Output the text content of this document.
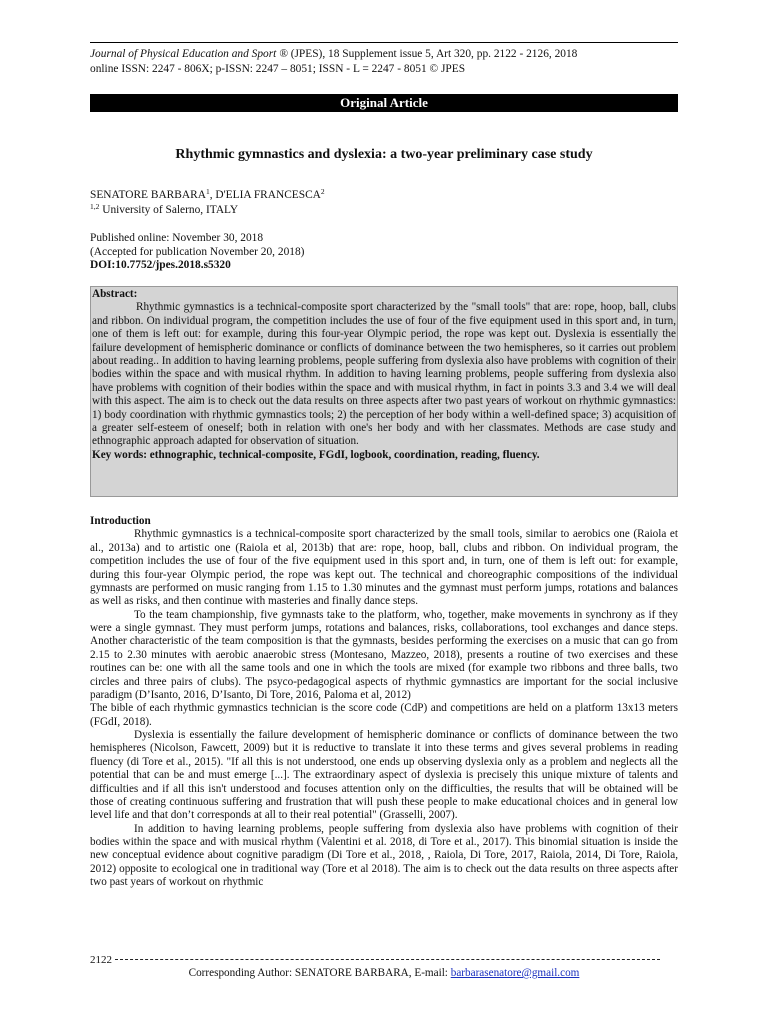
Journal of Physical Education and Sport ® (JPES), 18 Supplement issue 5, Art 320, pp. 2122 - 2126, 2018
online ISSN: 2247 - 806X; p-ISSN: 2247 – 8051; ISSN - L = 2247 - 8051 © JPES
Original Article
Rhythmic gymnastics and dyslexia: a two-year preliminary case study
SENATORE BARBARA$^1$, D'ELIA FRANCESCA$^2$
$^{1,2}$ University of Salerno, ITALY
Published online: November 30, 2018
(Accepted for publication November 20, 2018)
DOI:10.7752/jpes.2018.s5320
Abstract:

Rhythmic gymnastics is a technical-composite sport characterized by the "small tools" that are: rope, hoop, ball, clubs and ribbon. On individual program, the competition includes the use of four of the five equipment used in this sport and, in turn, one of them is left out: for example, during this four-year Olympic period, the rope was kept out. Dyslexia is essentially the failure development of hemispheric dominance or conflicts of dominance between the two hemispheres, so it carries out problem about reading.. In addition to having learning problems, people suffering from dyslexia also have problems with cognition of their bodies within the space and with musical rhythm. In addition to having learning problems, people suffering from dyslexia also have problems with cognition of their bodies within the space and with musical rhythm, in fact in points 3.3 and 3.4 we will deal with this aspect. The aim is to check out the data results on three aspects after two past years of workout on rhythmic gymnastics: 1) body coordination with rhythmic gymnastics tools; 2) the perception of her body within a well-defined space; 3) acquisition of a greater self-esteem of oneself; both in relation with one's her body and with her classmates. Methods are case study and ethnographic approach adapted for observation of situation.

Key words: ethnographic, technical-composite, FGdI, logbook, coordination, reading, fluency.
Introduction

Rhythmic gymnastics is a technical-composite sport characterized by the small tools, similar to aerobics one (Raiola et al., 2013a) and to artistic one (Raiola et al, 2013b) that are: rope, hoop, ball, clubs and ribbon. On individual program, the competition includes the use of four of the five equipment used in this sport and, in turn, one of them is left out: for example, during this four-year Olympic period, the rope was kept out. The technical and choreographic compositions of the individual gymnasts are performed on music ranging from 1.15 to 1.30 minutes and the gymnast must perform jumps, rotations and balances as well as risks, and then continue with masteries and finally dance steps.

To the team championship, five gymnasts take to the platform, who, together, make movements in synchrony as if they were a single gymnast. They must perform jumps, rotations and balances, risks, collaborations, tool exchanges and dance steps. Another characteristic of the team composition is that the gymnasts, besides performing the exercises on a music that can go from 2.15 to 2.30 minutes with aerobic anaerobic stress (Montesano, Mazzeo, 2018), presents a routine of two exercises and these routines can be: one with all the same tools and one in which the tools are mixed (for example two ribbons and three balls, two circles and three pairs of clubs). The psyco-pedagogical aspects of rhythmic gymnastics are important for the social inclusive paradigm (D’Isanto, 2016, D’Isanto, Di Tore, 2016, Paloma et al, 2012)

The bible of each rhythmic gymnastics technician is the score code (CdP) and competitions are held on a platform 13x13 meters (FGdI, 2018).

Dyslexia is essentially the failure development of hemispheric dominance or conflicts of dominance between the two hemispheres (Nicolson, Fawcett, 2009) but it is reductive to translate it into these terms and gives several problems in reading fluency (di Tore et al., 2015). "If all this is not understood, one ends up observing dyslexia only as a problem and neglects all the potential that can be and must emerge [...]. The extraordinary aspect of dyslexia is precisely this unique mixture of talents and difficulties and if all this isn't understood and focuses attention only on the difficulties, the results that will be obtained will be those of creating continuous suffering and frustration that will push these people to make educational choices and in general low level life and that don’t corresponds at all to their real potential" (Grasselli, 2007).

In addition to having learning problems, people suffering from dyslexia also have problems with cognition of their bodies within the space and with musical rhythm (Valentini et al. 2018, di Tore et al., 2017). This binomial situation is inside the new conceptual evidence about cognitive paradigm (Di Tore et al., 2018, , Raiola, Di Tore, 2017, Raiola, 2014, Di Tore, Raiola, 2012) opposite to ecological one in traditional way (Tore et al 2018). The aim is to check out the data results on three aspects after two past years of workout on rhythmic

2122
Corresponding Author: SENATORE BARBARA, E-mail: barbarasenatore@gmail.com
